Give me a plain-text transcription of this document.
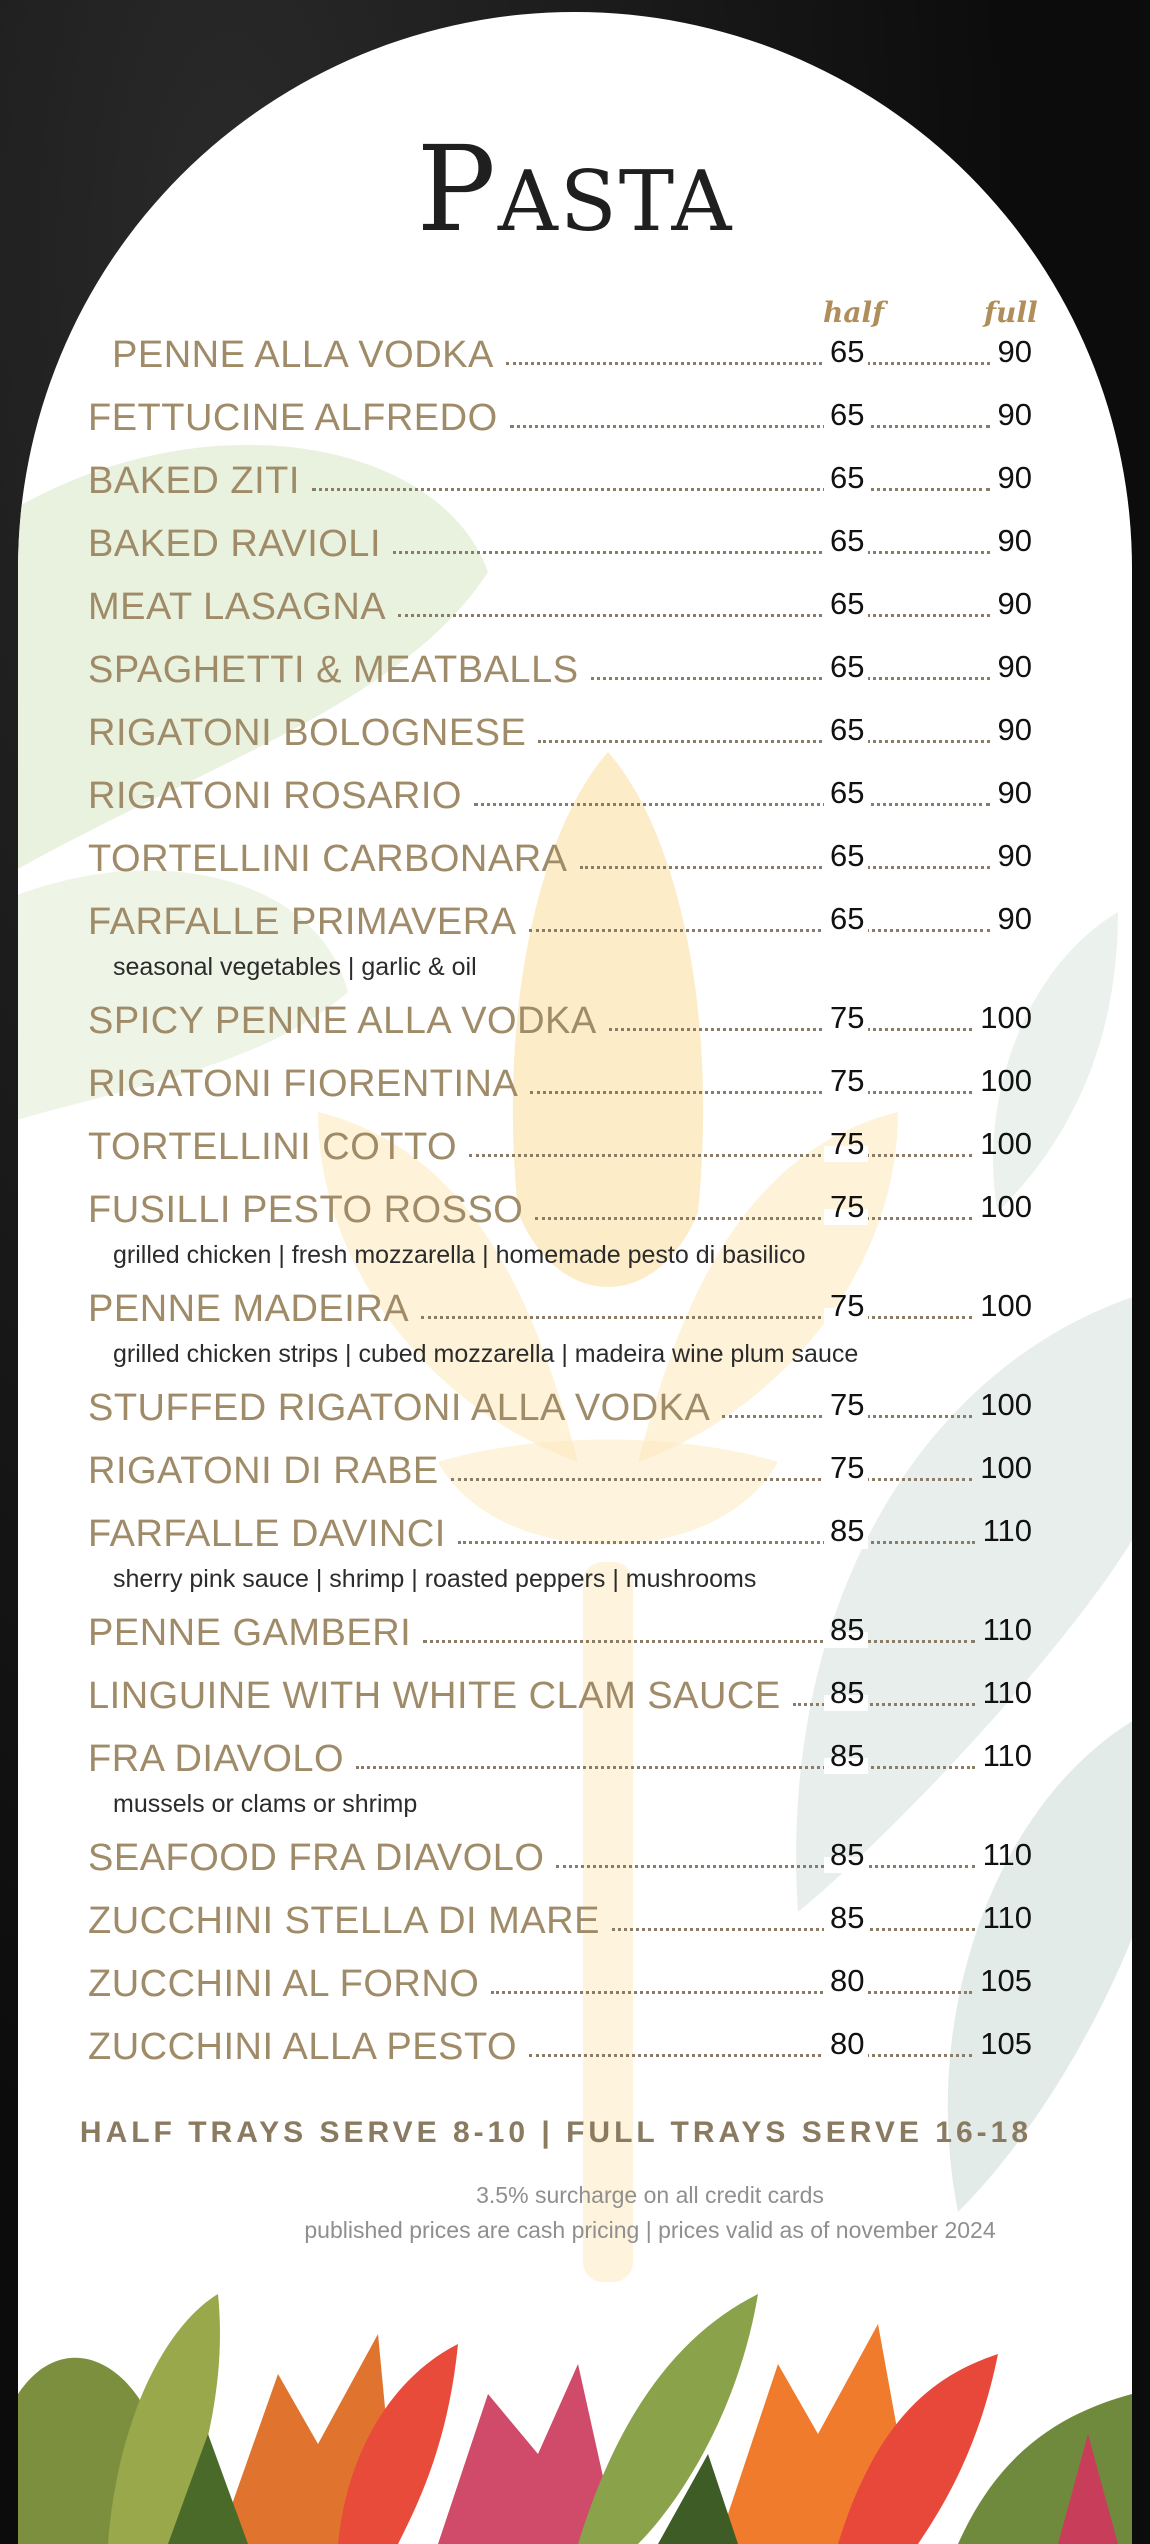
Pasta
half	full
PENNE ALLA VODKA	65	90
FETTUCINE ALFREDO	65	90
BAKED ZITI	65	90
BAKED RAVIOLI	65	90
MEAT LASAGNA	65	90
SPAGHETTI & MEATBALLS	65	90
RIGATONI BOLOGNESE	65	90
RIGATONI ROSARIO	65	90
TORTELLINI CARBONARA	65	90
FARFALLE PRIMAVERA	65	90
seasonal vegetables | garlic & oil
SPICY PENNE ALLA VODKA	75	100
RIGATONI FIORENTINA	75	100
TORTELLINI COTTO	75	100
FUSILLI PESTO ROSSO	75	100
grilled chicken | fresh mozzarella | homemade pesto di basilico
PENNE MADEIRA	75	100
grilled chicken strips | cubed mozzarella | madeira wine plum sauce
STUFFED RIGATONI ALLA VODKA	75	100
RIGATONI DI RABE	75	100
FARFALLE DAVINCI	85	110
sherry pink sauce | shrimp | roasted peppers | mushrooms
PENNE GAMBERI	85	110
LINGUINE WITH WHITE CLAM SAUCE 85	110
FRA DIAVOLO	85	110
mussels or clams or shrimp
SEAFOOD FRA DIAVOLO	85	110
ZUCCHINI STELLA DI MARE	85	110
ZUCCHINI AL FORNO	80	105
ZUCCHINI ALLA PESTO	80	105
HALF TRAYS SERVE 8-10 | FULL TRAYS SERVE 16-18
3.5% surcharge on all credit cards
published prices are cash pricing | prices valid as of november 2024
